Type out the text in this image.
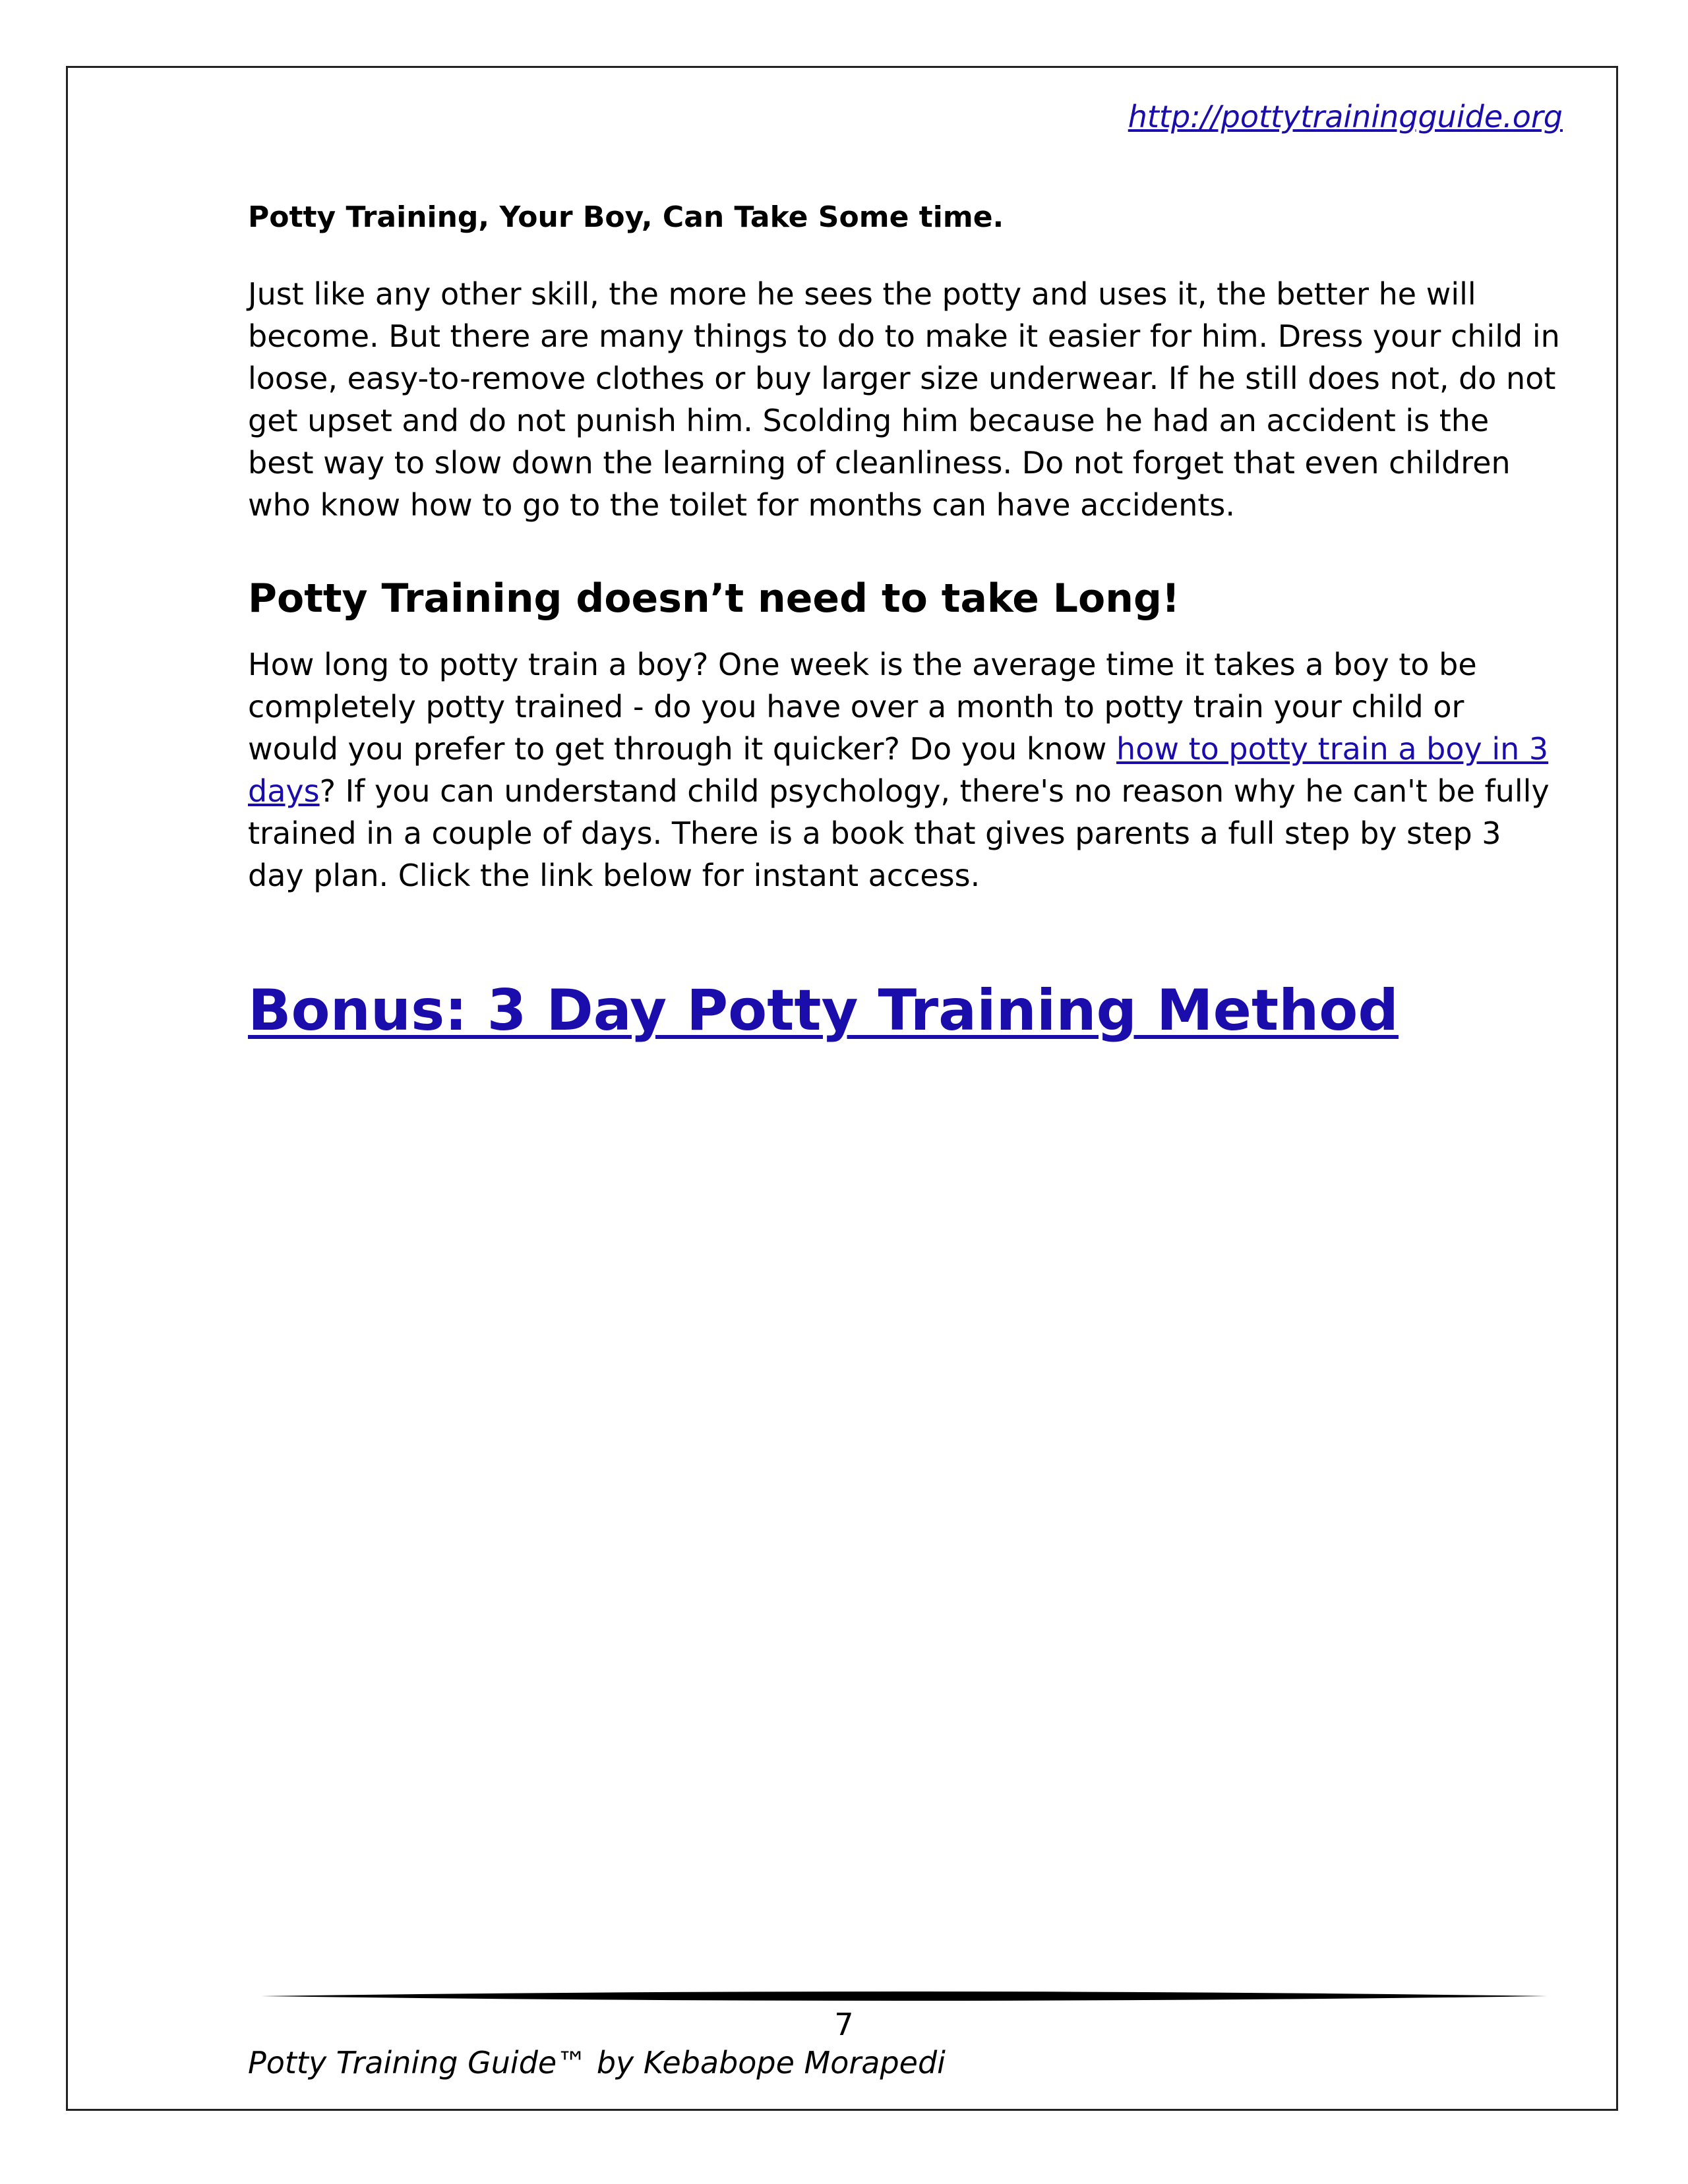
http://pottytrainingguide.org

Potty Training, Your Boy, Can Take Some time.

Just like any other skill, the more he sees the potty and uses it, the better he will become. But there are many things to do to make it easier for him. Dress your child in loose, easy-to-remove clothes or buy larger size underwear. If he still does not, do not get upset and do not punish him. Scolding him because he had an accident is the best way to slow down the learning of cleanliness. Do not forget that even children who know how to go to the toilet for months can have accidents.

Potty Training doesn’t need to take Long!

How long to potty train a boy? One week is the average time it takes a boy to be completely potty trained - do you have over a month to potty train your child or would you prefer to get through it quicker? Do you know how to potty train a boy in 3 days? If you can understand child psychology, there's no reason why he can't be fully trained in a couple of days. There is a book that gives parents a full step by step 3 day plan. Click the link below for instant access.

Bonus: 3 Day Potty Training Method
7
Potty Training Guide™ by Kebabope Morapedi
